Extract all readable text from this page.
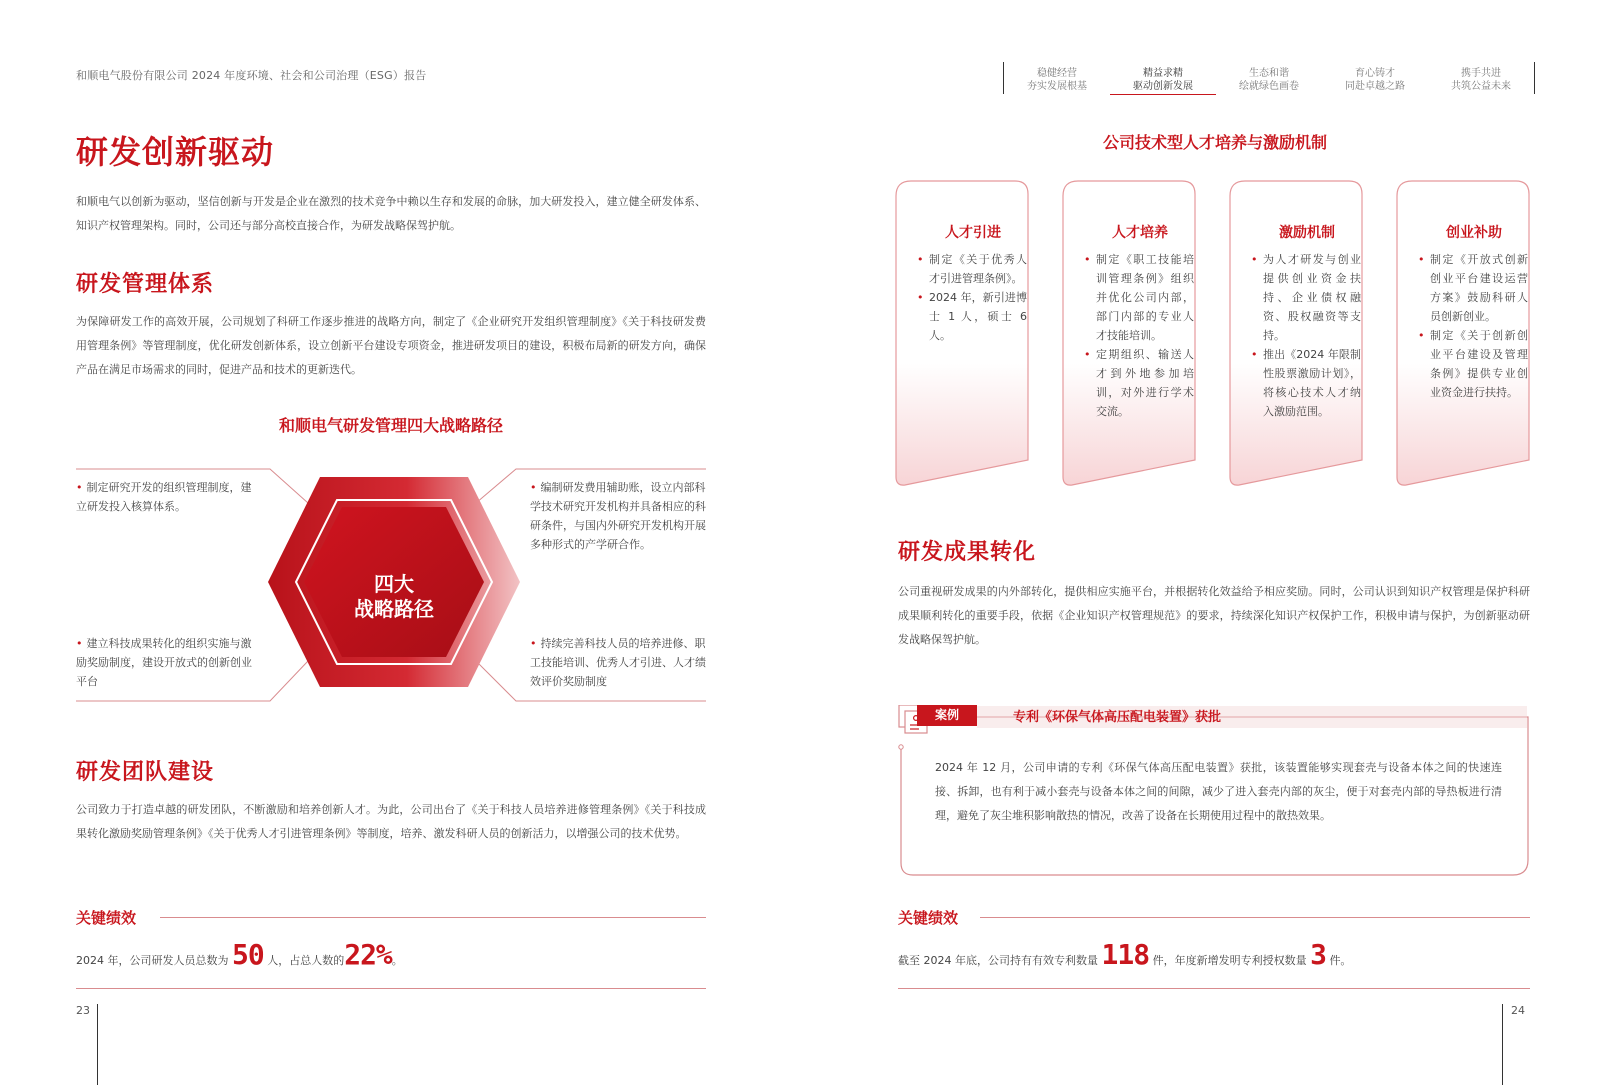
和顺电气股份有限公司 2024 年度环境、社会和公司治理（ESG）报告	稳健经营
夯实发展根基
精益求精
驱动创新发展
生态和谐
绘就绿色画卷
育心铸才
同赴卓越之路
携手共进
共筑公益未来
研发创新驱动
和顺电气以创新为驱动，坚信创新与开发是企业在激烈的技术竞争中赖以生存和发展的命脉，加大研发投入，建立健全研发体系、知识产权管理架构。同时，公司还与部分高校直接合作，为研发战略保驾护航。
研发管理体系
为保障研发工作的高效开展，公司规划了科研工作逐步推进的战略方向，制定了《企业研究开发组织管理制度》《关于科技研发费用管理条例》等管理制度，优化研发创新体系，设立创新平台建设专项资金，推进研发项目的建设，积极布局新的研发方向，确保产品在满足市场需求的同时，促进产品和技术的更新迭代。
和顺电气研发管理四大战略路径
四大
战略路径
• 制定研究开发的组织管理制度，建立研发投入核算体系。
• 编制研发费用辅助账，设立内部科学技术研究开发机构并具备相应的科研条件，与国内外研究开发机构开展多种形式的产学研合作。
• 建立科技成果转化的组织实施与激励奖励制度，建设开放式的创新创业平台
• 持续完善科技人员的培养进修、职工技能培训、优秀人才引进、人才绩效评价奖励制度
研发团队建设
公司致力于打造卓越的研发团队，不断激励和培养创新人才。为此，公司出台了《关于科技人员培养进修管理条例》《关于科技成果转化激励奖励管理条例》《关于优秀人才引进管理条例》等制度，培养、激发科研人员的创新活力，以增强公司的技术优势。
关键绩效
2024 年，公司研发人员总数为 50 人，占总人数的22%。
23
公司技术型人才培养与激励机制
人才引进
• 制定《关于优秀人才引进管理条例》。
• 2024 年，新引进博士 1 人，硕士 6 人。
人才培养
• 制定《职工技能培训管理条例》组织并优化公司内部，部门内部的专业人才技能培训。
• 定期组织、输送人才到外地参加培训，对外进行学术交流。
激励机制
• 为人才研发与创业提供创业资金扶持、企业债权融资、股权融资等支持。
• 推出《2024 年限制性股票激励计划》，将核心技术人才纳入激励范围。
创业补助
• 制定《开放式创新创业平台建设运营方案》鼓励科研人员创新创业。
• 制定《关于创新创业平台建设及管理条例》提供专业创业资金进行扶持。
研发成果转化
公司重视研发成果的内外部转化，提供相应实施平台，并根据转化效益给予相应奖励。同时，公司认识到知识产权管理是保护科研成果顺利转化的重要手段，依据《企业知识产权管理规范》的要求，持续深化知识产权保护工作，积极申请与保护，为创新驱动研发战略保驾护航。
案例	专利《环保气体高压配电装置》获批
2024 年 12 月，公司申请的专利《环保气体高压配电装置》获批，该装置能够实现套壳与设备本体之间的快速连接、拆卸，也有利于减小套壳与设备本体之间的间隙，减少了进入套壳内部的灰尘，便于对套壳内部的导热板进行清理，避免了灰尘堆积影响散热的情况，改善了设备在长期使用过程中的散热效果。
关键绩效
截至 2024 年底，公司持有有效专利数量 118 件，年度新增发明专利授权数量 3 件。
24
